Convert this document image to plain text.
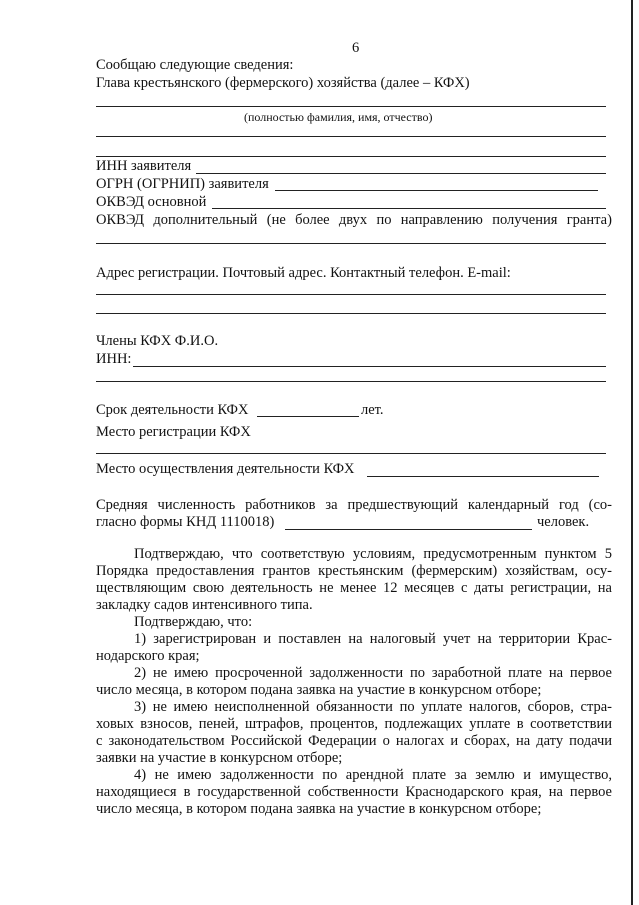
6
Сообщаю следующие сведения:
Глава крестьянского (фермерского) хозяйства (далее – КФХ)
(полностью фамилия, имя, отчество)
ИНН заявителя
ОГРН (ОГРНИП) заявителя
ОКВЭД основной
ОКВЭД дополнительный (не более двух по направлению получения гранта)
Адрес регистрации. Почтовый адрес. Контактный телефон. E-mail:
Члены КФХ Ф.И.О.
ИНН:
Срок деятельности КФХ	лет.
Место регистрации КФХ
Место осуществления деятельности КФХ
Средняя численность работников за предшествующий календарный год (со-
гласно формы КНД 1110018)	человек.
Подтверждаю, что соответствую условиям, предусмотренным пунктом 5
Порядка предоставления грантов крестьянским (фермерским) хозяйствам, осу-
ществляющим свою деятельность не менее 12 месяцев с даты регистрации, на
закладку садов интенсивного типа.
Подтверждаю, что:
1) зарегистрирован и поставлен на налоговый учет на территории Крас-
нодарского края;
2) не имею просроченной задолженности по заработной плате на первое
число месяца, в котором подана заявка на участие в конкурсном отборе;
3) не имею неисполненной обязанности по уплате налогов, сборов, стра-
ховых взносов, пеней, штрафов, процентов, подлежащих уплате в соответствии
с законодательством Российской Федерации о налогах и сборах, на дату подачи
заявки на участие в конкурсном отборе;
4) не имею задолженности по арендной плате за землю и имущество,
находящиеся в государственной собственности Краснодарского края, на первое
число месяца, в котором подана заявка на участие в конкурсном отборе;
